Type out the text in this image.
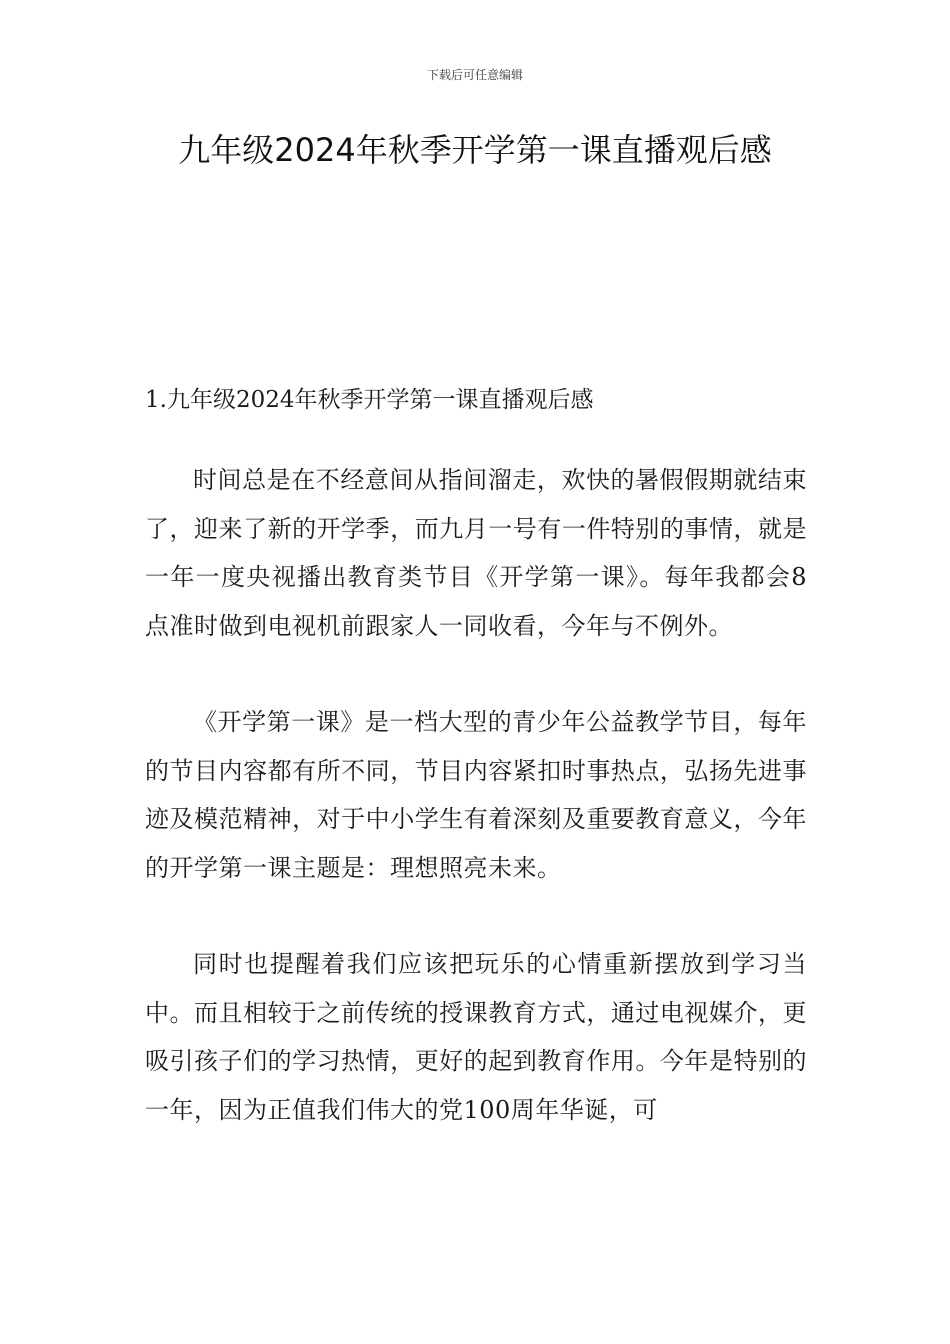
下载后可任意编辑
九年级2024年秋季开学第一课直播观后感

1.九年级2024年秋季开学第一课直播观后感

时间总是在不经意间从指间溜走，欢快的暑假假期就结束了，迎来了新的开学季，而九月一号有一件特别的事情，就是一年一度央视播出教育类节目《开学第一课》。每年我都会8点准时做到电视机前跟家人一同收看，今年与不例外。

《开学第一课》是一档大型的青少年公益教学节目，每年的节目内容都有所不同，节目内容紧扣时事热点，弘扬先进事迹及模范精神，对于中小学生有着深刻及重要教育意义，今年的开学第一课主题是：理想照亮未来。

同时也提醒着我们应该把玩乐的心情重新摆放到学习当中。而且相较于之前传统的授课教育方式，通过电视媒介，更吸引孩子们的学习热情，更好的起到教育作用。今年是特别的一年，因为正值我们伟大的党100周年华诞，可
